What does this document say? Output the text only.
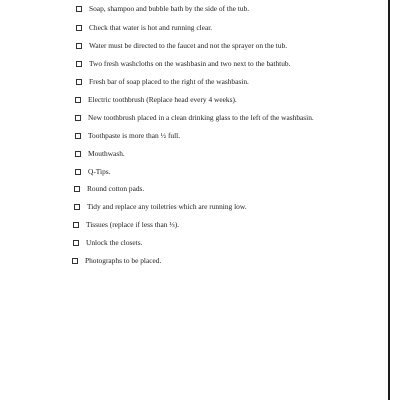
Soap, shampoo and bubble bath by the side of the tub.
Check that water is hot and running clear.
Water must be directed to the faucet and not the sprayer on the tub.
Two fresh washcloths on the washbasin and two next to the bathtub.
Fresh bar of soap placed to the right of the washbasin.
Electric toothbrush (Replace head every 4 weeks).
New toothbrush placed in a clean drinking glass to the left of the washbasin.
Toothpaste is more than ½ full.
Mouthwash.
Q-Tips.
Round cotton pads.
Tidy and replace any toiletries which are running low.
Tissues (replace if less than ⅓).
Unlock the closets.
Photographs to be placed.
